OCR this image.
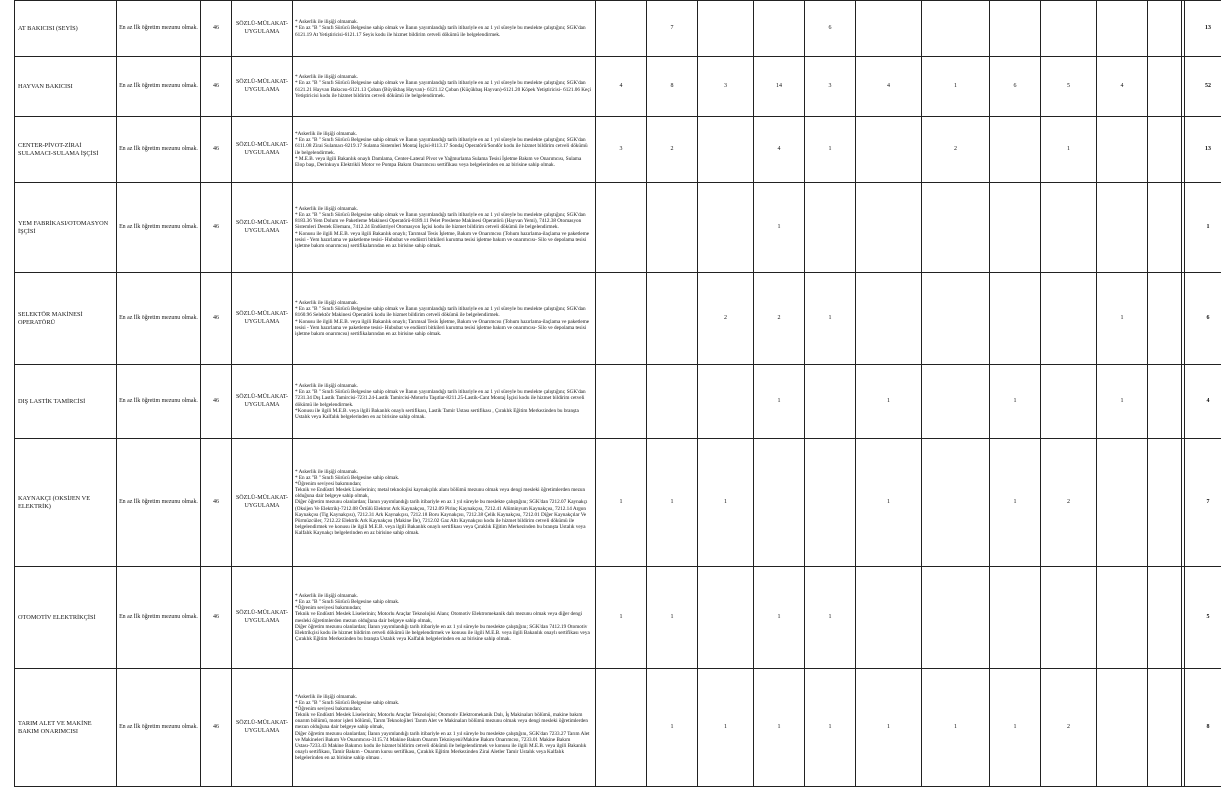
AT BAKICISI (SEYİS)	En az İlk öğretim mezunu olmak.	46	SÖZLÜ-MÜLAKAT-UYGULAMA	* Askerlik ile ilişiği olmamak.
* En az "B " Sınıfı Sürücü Belgesine sahip olmak ve İlanın yayımlandığı tarih itibariyle en az 1 yıl süreyle bu meslekte çalıştığını; SGK'dan 6121.19 At Yetiştiricisi-6121.17 Seyis kodu ile hizmet bildirim cetveli dökümü ile belgelendirmek.		7			6							13
HAYVAN BAKICISI	En az İlk öğretim mezunu olmak.	46	SÖZLÜ-MÜLAKAT-UYGULAMA	* Askerlik ile ilişiği olmamak.
* En az "B " Sınıfı Sürücü Belgesine sahip olmak ve İlanın yayımlandığı tarih itibariyle en az 1 yıl süreyle bu meslekte çalıştığını; SGK'dan 6121.21 Hayvan Bakıcısı-6121.13 Çoban (Büyükbaş Hayvan)- 6121.12 Çoban (Küçükbaş Hayvan)-6121.20 Köpek Yetiştiricisi- 6121.06 Keçi Yetiştiricisi kodu ile hizmet bildirim cetveli dökümü ile belgelendirmek.	4	8	3	14	3	4	1	6	5	4		52
CENTER-PİVOT-ZİRAİ SULAMACI-SULAMA İŞÇİSİ	En az İlk öğretim mezunu olmak.	46	SÖZLÜ-MÜLAKAT-UYGULAMA	*Askerlik ile ilişiği olmamak.
* En az "B " Sınıfı Sürücü Belgesine sahip olmak ve İlanın yayımlandığı tarih itibariyle en az 1 yıl süreyle bu meslekte çalıştığını; SGK'dan 6111.08 Zirai Sulamacı-8219.17 Sulama Sistemleri Montaj İşçisi-8113.17 Sondaj Operatörü/Sondör kodu ile hizmet bildirim cetveli dökümü ile belgelendirmek.
* M.E.B. veya ilgili Bakanlık onaylı Damlama, Center-Lateral Pivot ve Yağmurlama Sulama Tesisi İşletme Bakım ve Onarımcısı, Sulama Elop başı, Derinkuyu Elektrikli Motor ve Pompa Bakım Onarımcısı sertifikası veya belgelerinden en az birisine sahip olmak.	3	2		4	1		2		1			13
YEM FABRİKASI/OTOMASYON İŞÇİSİ	En az İlk öğretim mezunu olmak.	46	SÖZLÜ-MÜLAKAT-UYGULAMA	* Askerlik ile ilişiği olmamak.
* En az "B " Sınıfı Sürücü Belgesine sahip olmak ve İlanın yayımlandığı tarih itibariyle en az 1 yıl süreyle bu meslekte çalıştığını; SGK'dan 8183.36 Yem Dolum ve Paketleme Makinesi Operatörü-8189.11 Pelet Presleme Makinesi Operatörü (Hayvan Yemi), 7412.38 Otomasyon Sistemleri Destek Elemanı, 7412.24 Endüstriyel Otomasyon İşçisi kodu ile hizmet bildirim cetveli dökümü ile belgelendirmek.
* Konusu ile ilgili M.E.B. veya ilgili Bakanlık onaylı; Tarımsal Tesis İşletme, Bakım ve Onarımcısı (Tohum hazırlama-ilaçlama ve paketleme tesisi - Yem hazırlama ve paketleme tesisi- Hububat ve endüstri bitkileri kurutma tesisi işletme bakım ve onarımcısı- Silo ve depolama tesisi işletme bakım onarımcısı) sertifikalarından en az birisine sahip olmak.				1								1
SELEKTÖR MAKİNESİ OPERATÖRÜ	En az İlk öğretim mezunu olmak.	46	SÖZLÜ-MÜLAKAT-UYGULAMA	* Askerlik ile ilişiği olmamak.
* En az "B " Sınıfı Sürücü Belgesine sahip olmak ve İlanın yayımlandığı tarih itibariyle en az 1 yıl süreyle bu meslekte çalıştığını; SGK'dan 8160.96 Selektör Makinesi Operatörü kodu ile hizmet bildirim cetveli dökümü ile belgelendirmek.
* Konusu ile ilgili M.E.B. veya ilgili Bakanlık onaylı; Tarımsal Tesis İşletme, Bakım ve Onarımcısı (Tohum hazırlama-ilaçlama ve paketleme tesisi - Yem hazırlama ve paketleme tesisi- Hububat ve endüstri bitkileri kurutma tesisi işletme bakım ve onarımcısı- Silo ve depolama tesisi işletme bakım onarımcısı) sertifikalarından en az birisine sahip olmak.			2	2	1					1		6
DIŞ LASTİK TAMİRCİSİ	En az İlk öğretim mezunu olmak.	46	SÖZLÜ-MÜLAKAT-UYGULAMA	* Askerlik ile ilişiği olmamak.
* En az "B " Sınıfı Sürücü Belgesine sahip olmak ve İlanın yayımlandığı tarih itibariyle en az 1 yıl süreyle bu meslekte çalıştığını; SGK'dan 7231.34 Dış Lastik Tamircisi-7231.24-Lastik Tamircisi-Motorlu Taşıtlar-8211.25-Lastik-Cant Montaj İşçisi kodu ile hizmet bildirim cetveli dökümü ile belgelendirmek.
*Konusu ile ilgili M.E.B. veya ilgili Bakanlık onaylı sertifikası, Lastik Tamir Ustası sertifikası , Çıraklık Eğitim Merkezinden bu branşta Ustalık veya Kalfalık belgelerinden en az birisine sahip olmak.				1		1		1		1		4
KAYNAKÇI (OKSİJEN VE ELEKTRİK)	En az İlk öğretim mezunu olmak.	46	SÖZLÜ-MÜLAKAT-UYGULAMA	* Askerlik ile ilişiği olmamak.
* En az "B " Sınıfı Sürücü Belgesine sahip olmak.
*Öğrenim seviyesi bakımından;
Teknik ve Endüstri Meslek Liselerinin; metal teknolojisi kaynakçılık alanı bölümü mezunu olmak veya dengi mesleki öğretimlerden mezun olduğuna dair belgeye sahip olmak,
Diğer öğretim mezunu olanlardan; İlanın yayımlandığı tarih itibariyle en az 1 yıl süreyle bu meslekte çalıştığını; SGK'dan 7212.07 Kaynakçı (Oksijen Ve Elektrik)-7212.08 Örtülü Elektrot Ark Kaynakçısı, 7212.09 Pirinç Kaynakçısı, 7212.41 Alüminyum Kaynakçısı, 7212.14 Argon Kaynakçısı (Tig Kaynakçısı), 7212.31 Ark Kaynakçısı, 7212.18 Boru Kaynakçısı, 7212.38 Çelik Kaynakçısı, 7212.01 Diğer Kaynakçılar Ve Pürmüzcüler, 7212.22 Elektrik Ark Kaynakçısı (Makine İle), 7212.02 Gaz Altı Kaynakçısı kodu ile hizmet bildirim cetveli dökümü ile belgelendirmek ve konusu ile ilgili M.E.B. veya ilgili Bakanlık onaylı sertifikası veya Çıraklık Eğitim Merkezinden bu branşta Ustalık veya Kalfalık Kaynakçı belgelerinden en az birisine sahip olmak.	1	1	1			1		1	2			7
OTOMOTİV ELEKTRİKÇİSİ	En az İlk öğretim mezunu olmak.	46	SÖZLÜ-MÜLAKAT-UYGULAMA	* Askerlik ile ilişiği olmamak.
* En az "B " Sınıfı Sürücü Belgesine sahip olmak.
*Öğrenim seviyesi bakımından;
Teknik ve Endüstri Meslek Liselerinin; Motorlu Araçlar Teknolojisi Alanı; Otomotiv Elektromekanik dalı mezunu olmak veya diğer dengi mesleki öğretimlerden mezun olduğuna dair belgeye sahip olmak,
Diğer öğretim mezunu olanlardan; İlanın yayımlandığı tarih itibariyle en az 1 yıl süreyle bu meslekte çalıştığını; SGK'dan 7412.19 Otomotiv Elektrikçisi kodu ile hizmet bildirim cetveli dökümü ile belgelendirmek ve konusu ile ilgili M.E.B. veya ilgili Bakanlık onaylı sertifikası veya Çıraklık Eğitim Merkezinden bu branşta Ustalık veya Kalfalık belgelerinden en az birisine sahip olmak.	1	1		1	1							5
TARIM ALET VE MAKİNE BAKIM ONARIMCISI	En az İlk öğretim mezunu olmak.	46	SÖZLÜ-MÜLAKAT-UYGULAMA	*Askerlik ile ilişiği olmamak.
* En az "B " Sınıfı Sürücü Belgesine sahip olmak.
*Öğrenim seviyesi bakımından;
Teknik ve Endüstri Meslek Liselerinin; Motorlu Araçlar Teknolojisi; Otomotiv Elektromekanik Dalı, İş Makinaları bölümü, makine bakım onarım bölümü, motor işleri bölümü, Tarım Teknolojileri Tarım Alet ve Makinaları bölümü mezunu olmak veya dengi mesleki öğretimlerden mezun olduğuna dair belgeye sahip olmak,
Diğer öğretim mezunu olanlardan; İlanın yayımlandığı tarih itibariyle en az 1 yıl süreyle bu meslekte çalıştığını, SGK'dan 7233.27 Tarım Alet ve Makineleri Bakım Ve Onarımcısı-3115.74 Makine Bakım Onarım Teknisyeni/Makine Bakım Onarımcısı, 7233.01 Makine Bakım Ustası-7233.43 Makine Bakımcı kodu ile hizmet bildirim cetveli dökümü ile belgelendirmek ve konusu ile ilgili M.E.B. veya ilgili Bakanlık onaylı sertifikası, Tamir Bakım - Onarım kursu sertifikası, Çıraklık Eğitim Merkezinden Zirai Aletler Tamir Ustalık veya Kalfalık belgelerinden en az birisine sahip olması .		1	1	1	1	1	1	1	2			8
